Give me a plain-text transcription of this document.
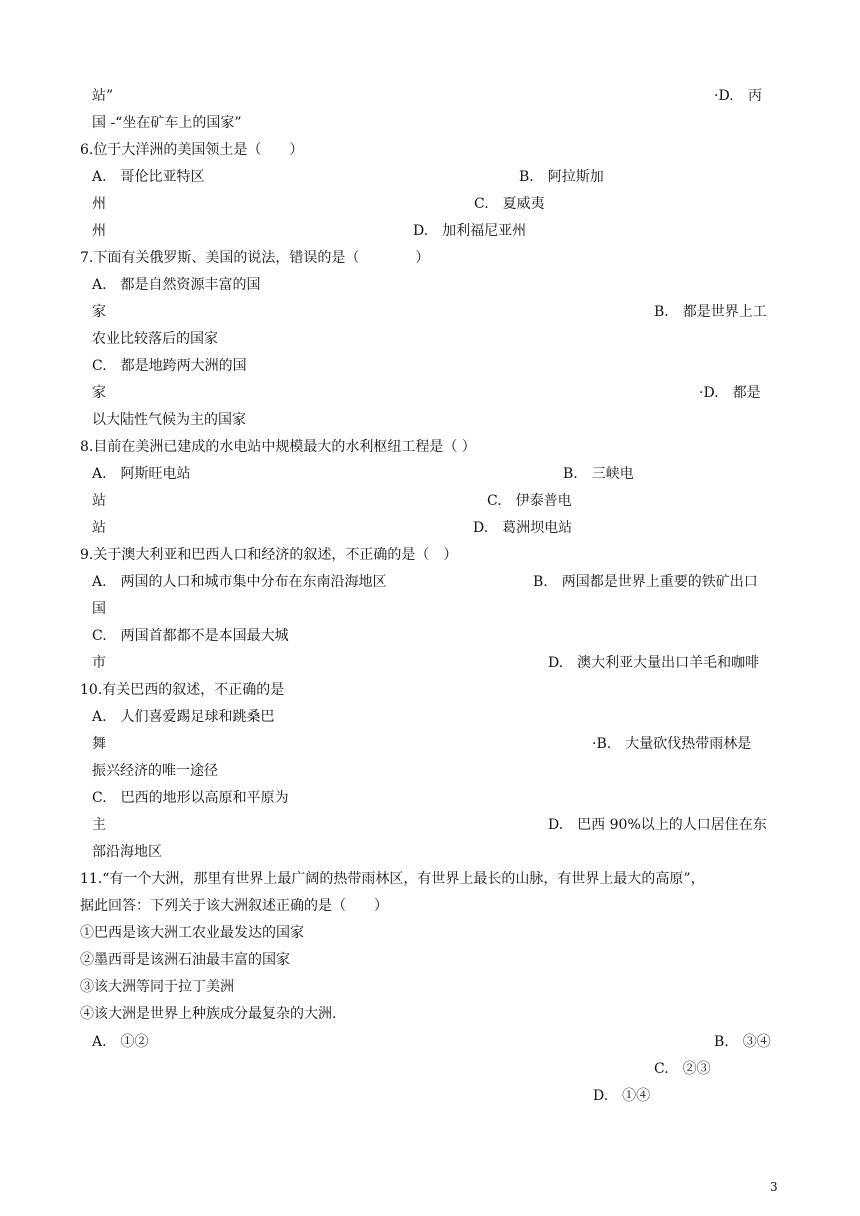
站”	·D. 丙
国 -“坐在矿车上的国家”
6.位于大洋洲的美国领土是（　　）
A.　哥伦比亚特区	B.　阿拉斯加
州	C.　夏威夷
州	D.　加利福尼亚州
7.下面有关俄罗斯、美国的说法，错误的是（　　　　）
A.　都是自然资源丰富的国
家	B.　都是世界上工
农业比较落后的国家
C.　都是地跨两大洲的国
家	·D.　都是
以大陆性气候为主的国家
8.目前在美洲已建成的水电站中规模最大的水利枢纽工程是（ ）
A.　阿斯旺电站	B.　三峡电
站	C.　伊泰普电
站	D.　葛洲坝电站
9.关于澳大利亚和巴西人口和经济的叙述，不正确的是（　）
A.　两国的人口和城市集中分布在东南沿海地区	B.　两国都是世界上重要的铁矿出口
国
C.　两国首都都不是本国最大城
市	D.　澳大利亚大量出口羊毛和咖啡
10.有关巴西的叙述，不正确的是
A.　人们喜爱踢足球和跳桑巴
舞	·B.　大量砍伐热带雨林是
振兴经济的唯一途径
C.　巴西的地形以高原和平原为
主	D.　巴西 90%以上的人口居住在东
部沿海地区
11.“有一个大洲，那里有世界上最广阔的热带雨林区，有世界上最长的山脉，有世界上最大的高原”，
据此回答：下列关于该大洲叙述正确的是（　　）
①巴西是该大洲工农业最发达的国家
②墨西哥是该洲石油最丰富的国家
③该大洲等同于拉丁美洲
④该大洲是世界上种族成分最复杂的大洲.
A.　①②	B.　③④
C.　②③
D.　①④
3
